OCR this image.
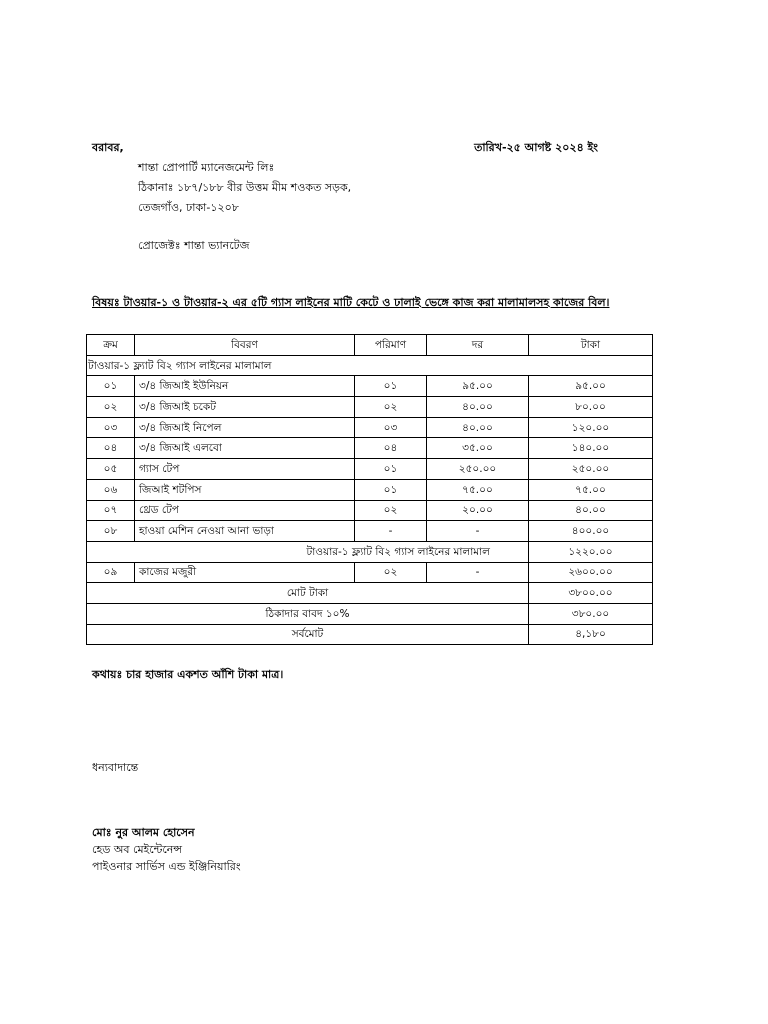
বরাবর,	তারিখ-২৫ আগষ্ট ২০২৪ ইং
শান্তা প্রোপার্টি ম্যানেজমেন্ট লিঃ
ঠিকানাঃ ১৮৭/১৮৮ বীর উত্তম মীম শওকত সড়ক,
তেজগাঁও, ঢাকা-১২০৮
প্রোজেক্টঃ শান্তা ভ্যানটেজ
বিষয়ঃ টাওয়ার-১ ও টাওয়ার-২ এর ৫টি গ্যাস লাইনের মাটি কেটে ও ঢালাই ভেঙ্গে কাজ করা মালামালসহ কাজের বিল।
ক্রম	বিবরণ	পরিমাণ	দর	টাকা
টাওয়ার-১ ফ্ল্যাট বি২ গ্যাস লাইনের মালামাল				
০১	৩/৪ জিআই ইউনিয়ন	০১	৯৫.০০	৯৫.০০
০২	৩/৪ জিআই চকেট	০২	৪০.০০	৮০.০০
০৩	৩/৪ জিআই নিপেল	০৩	৪০.০০	১২০.০০
০৪	৩/৪ জিআই এলবো	০৪	৩৫.০০	১৪০.০০
০৫	গ্যাস টেপ	০১	২৫০.০০	২৫০.০০
০৬	জিআই শটপিস	০১	৭৫.০০	৭৫.০০
০৭	থ্রেড টেপ	০২	২০.০০	৪০.০০
০৮	হাওয়া মেশিন নেওয়া আনা ভাড়া	-	-	৪০০.০০
টাওয়ার-১ ফ্ল্যাট বি২ গ্যাস লাইনের মালামাল				১২২০.০০
০৯	কাজের মজুরী	০২	-	২৬০০.০০
মোট টাকা				৩৮০০.০০
ঠিকাদার বাবদ ১০%				৩৮০.০০
সর্বমোট				৪,১৮০
কথায়ঃ চার হাজার একশত আঁশি টাকা মাত্র।
ধন্যবাদান্তে
মোঃ নুর আলম হোসেন
হেড অব মেইন্টেনেন্স
পাইওনার সার্ভিস এন্ড ইঞ্জিনিয়ারিং
